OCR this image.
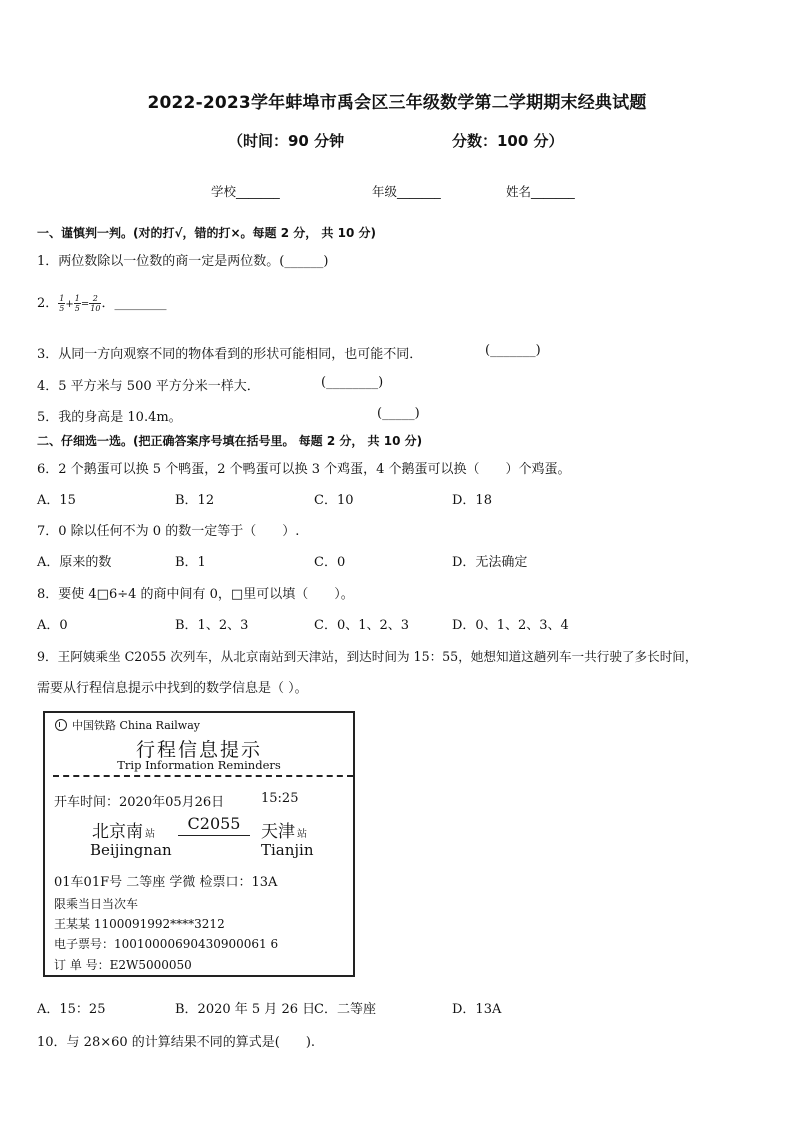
2022-2023学年蚌埠市禹会区三年级数学第二学期期末经典试题
（时间：90 分钟	分数：100 分）
学校_______	年级_______	姓名_______
一、谨慎判一判。(对的打√，错的打×。每题 2 分， 共 10 分)
1．两位数除以一位数的商一定是两位数。(______)
2． $\frac{1}{5} + \frac{1}{5} = \frac{2}{10}$ ．________
3．从同一方向观察不同的物体看到的形状可能相同，也可能不同．	(_______)
4．5 平方米与 500 平方分米一样大．	(________)
5．我的身高是 10.4m。	(_____)
二、仔细选一选。(把正确答案序号填在括号里。 每题 2 分， 共 10 分)
6．2 个鹅蛋可以换 5 个鸭蛋，2 个鸭蛋可以换 3 个鸡蛋，4 个鹅蛋可以换（　　）个鸡蛋。
A．15	B．12	C．10	D．18
7．0 除以任何不为 0 的数一定等于（　　）.
A．原来的数	B．1	C．0	D．无法确定
8．要使 4□6÷4 的商中间有 0，□里可以填（　　）。
A．0	B．1、2、3	C．0、1、2、3	D．0、1、2、3、4
9．王阿姨乘坐 C2055 次列车，从北京南站到天津站，到达时间为 15：55，她想知道这趟列车一共行驶了多长时间，
需要从行程信息提示中找到的数学信息是（ ）。
中国铁路 China Railway
行程信息提示
Trip Information Reminders
开车时间：2020年05月26日	15:25
北京南 站
C2055	天津 站
Beijingnan	Tianjin
01车01F号 二等座 学微 检票口：13A
限乘当日当次车
王某某 1100091992****3212
电子票号：10010000690430900061 6
订 单 号：E2W5000050
A．15：25	B．2020 年 5 月 26 日
C．二等座	D．13A
10．与 28×60 的计算结果不同的算式是(　　).
